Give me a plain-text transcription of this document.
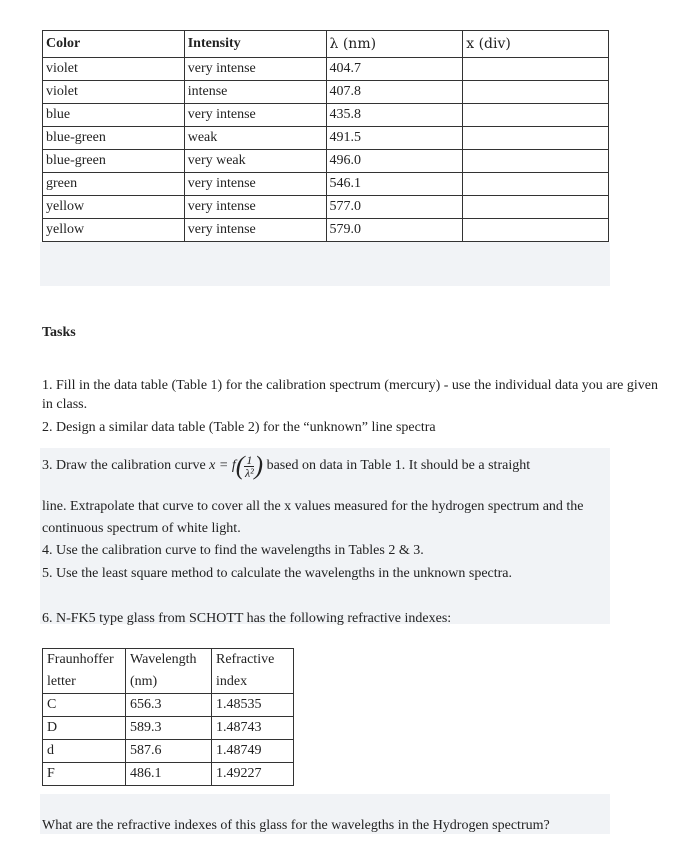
Color	Intensity	λ (nm)	x (div)
violet	very intense	404.7	
violet	intense	407.8	
blue	very intense	435.8	
blue-green	weak	491.5	
blue-green	very weak	496.0	
green	very intense	546.1	
yellow	very intense	577.0	
yellow	very intense	579.0	
Tasks
1. Fill in the data table (Table 1) for the calibration spectrum (mercury) - use the individual data you are given in class.
2. Design a similar data table (Table 2) for the “unknown” line spectra
3. Draw the calibration curve $x = f( \frac{1}{\text{λ²}}$ ) based on data in Table 1. It should be a straight
line. Extrapolate that curve to cover all the x values measured for the hydrogen spectrum and the continuous spectrum of white light.
4. Use the calibration curve to find the wavelengths in Tables 2 & 3.
5. Use the least square method to calculate the wavelengths in the unknown spectra.
6. N-FK5 type glass from SCHOTT has the following refractive indexes:
Fraunhoffer letter	Wavelength (nm)	Refractive index
C	656.3	1.48535
D	589.3	1.48743
d	587.6	1.48749
F	486.1	1.49227
What are the refractive indexes of this glass for the wavelegths in the Hydrogen spectrum?
